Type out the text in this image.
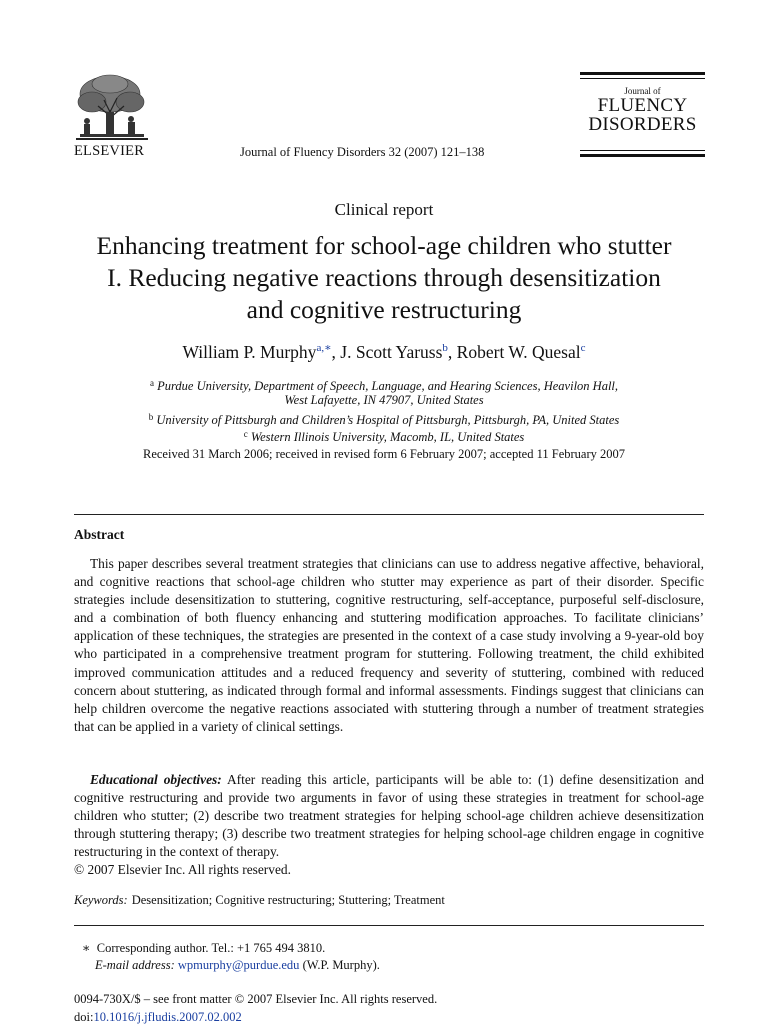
ELSEVIER	Journal of Fluency Disorders 32 (2007) 121–138
Journal of
FLUENCY
DISORDERS
Clinical report
Enhancing treatment for school-age children who stutter
I. Reducing negative reactions through desensitization
and cognitive restructuring
William P. Murphy$^{a,∗}$, J. Scott Yaruss$^b$, Robert W. Quesal$^c$
$^a$ Purdue University, Department of Speech, Language, and Hearing Sciences, Heavilon Hall,
West Lafayette, IN 47907, United States
$^b$ University of Pittsburgh and Children’s Hospital of Pittsburgh, Pittsburgh, PA, United States
$^c$ Western Illinois University, Macomb, IL, United States
Received 31 March 2006; received in revised form 6 February 2007; accepted 11 February 2007
Abstract
This paper describes several treatment strategies that clinicians can use to address negative affective, behavioral, and cognitive reactions that school-age children who stutter may experience as part of their disorder. Specific strategies include desensitization to stuttering, cognitive restructuring, self-acceptance, purposeful self-disclosure, and a combination of both fluency enhancing and stuttering modification approaches. To facilitate clinicians’ application of these techniques, the strategies are presented in the context of a case study involving a 9-year-old boy who participated in a comprehensive treatment program for stuttering. Following treatment, the child exhibited improved communication attitudes and a reduced frequency and severity of stuttering, combined with reduced concern about stuttering, as indicated through formal and informal assessments. Findings suggest that clinicians can help children overcome the negative reactions associated with stuttering through a number of treatment strategies that can be applied in a variety of clinical settings.
Educational objectives: After reading this article, participants will be able to: (1) define desensitization and cognitive restructuring and provide two arguments in favor of using these strategies in treatment for school-age children who stutter; (2) describe two treatment strategies for helping school-age children achieve desensitization through stuttering therapy; (3) describe two treatment strategies for helping school-age children engage in cognitive restructuring in the context of therapy.
© 2007 Elsevier Inc. All rights reserved.
Keywords: Desensitization; Cognitive restructuring; Stuttering; Treatment
∗ Corresponding author. Tel.: +1 765 494 3810.
E-mail address: wpmurphy@purdue.edu (W.P. Murphy).
0094-730X/$ – see front matter © 2007 Elsevier Inc. All rights reserved.
doi:10.1016/j.jfludis.2007.02.002
